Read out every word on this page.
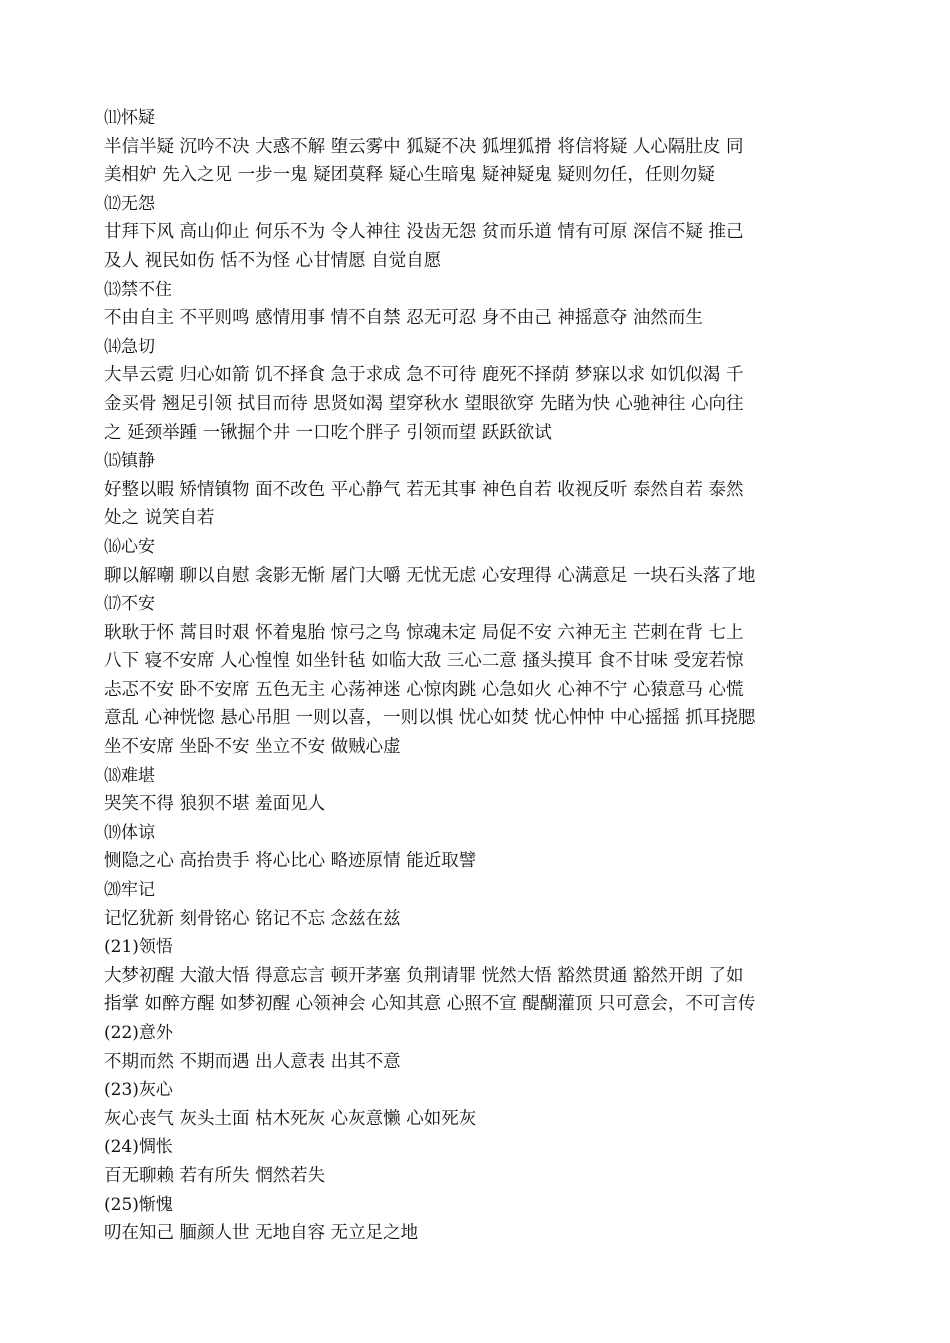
⑾怀疑
半信半疑 沉吟不决 大惑不解 堕云雾中 狐疑不决 狐埋狐搰 将信将疑 人心隔肚皮 同
美相妒 先入之见 一步一鬼 疑团莫释 疑心生暗鬼 疑神疑鬼 疑则勿任，任则勿疑
⑿无怨
甘拜下风 高山仰止 何乐不为 令人神往 没齿无怨 贫而乐道 情有可原 深信不疑 推己
及人 视民如伤 恬不为怪 心甘情愿 自觉自愿
⒀禁不住
不由自主 不平则鸣 感情用事 情不自禁 忍无可忍 身不由己 神摇意夺 油然而生
⒁急切
大旱云霓 归心如箭 饥不择食 急于求成 急不可待 鹿死不择荫 梦寐以求 如饥似渴 千
金买骨 翘足引领 拭目而待 思贤如渴 望穿秋水 望眼欲穿 先睹为快 心驰神往 心向往
之 延颈举踵 一锹掘个井 一口吃个胖子 引领而望 跃跃欲试
⒂镇静
好整以暇 矫情镇物 面不改色 平心静气 若无其事 神色自若 收视反听 泰然自若 泰然
处之 说笑自若
⒃心安
聊以解嘲 聊以自慰 衾影无惭 屠门大嚼 无忧无虑 心安理得 心满意足 一块石头落了地
⒄不安
耿耿于怀 蒿目时艰 怀着鬼胎 惊弓之鸟 惊魂未定 局促不安 六神无主 芒刺在背 七上
八下 寝不安席 人心惶惶 如坐针毡 如临大敌 三心二意 搔头摸耳 食不甘味 受宠若惊
忐忑不安 卧不安席 五色无主 心荡神迷 心惊肉跳 心急如火 心神不宁 心猿意马 心慌
意乱 心神恍惚 悬心吊胆 一则以喜，一则以惧 忧心如焚 忧心忡忡 中心摇摇 抓耳挠腮
坐不安席 坐卧不安 坐立不安 做贼心虚
⒅难堪
哭笑不得 狼狈不堪 羞面见人
⒆体谅
恻隐之心 高抬贵手 将心比心 略迹原情 能近取譬
⒇牢记
记忆犹新 刻骨铭心 铭记不忘 念兹在兹
(21)领悟
大梦初醒 大澈大悟 得意忘言 顿开茅塞 负荆请罪 恍然大悟 豁然贯通 豁然开朗 了如
指掌 如醉方醒 如梦初醒 心领神会 心知其意 心照不宣 醍醐灌顶 只可意会，不可言传
(22)意外
不期而然 不期而遇 出人意表 出其不意
(23)灰心
灰心丧气 灰头土面 枯木死灰 心灰意懒 心如死灰
(24)惆怅
百无聊赖 若有所失 惘然若失
(25)惭愧
叨在知己 腼颜人世 无地自容 无立足之地
